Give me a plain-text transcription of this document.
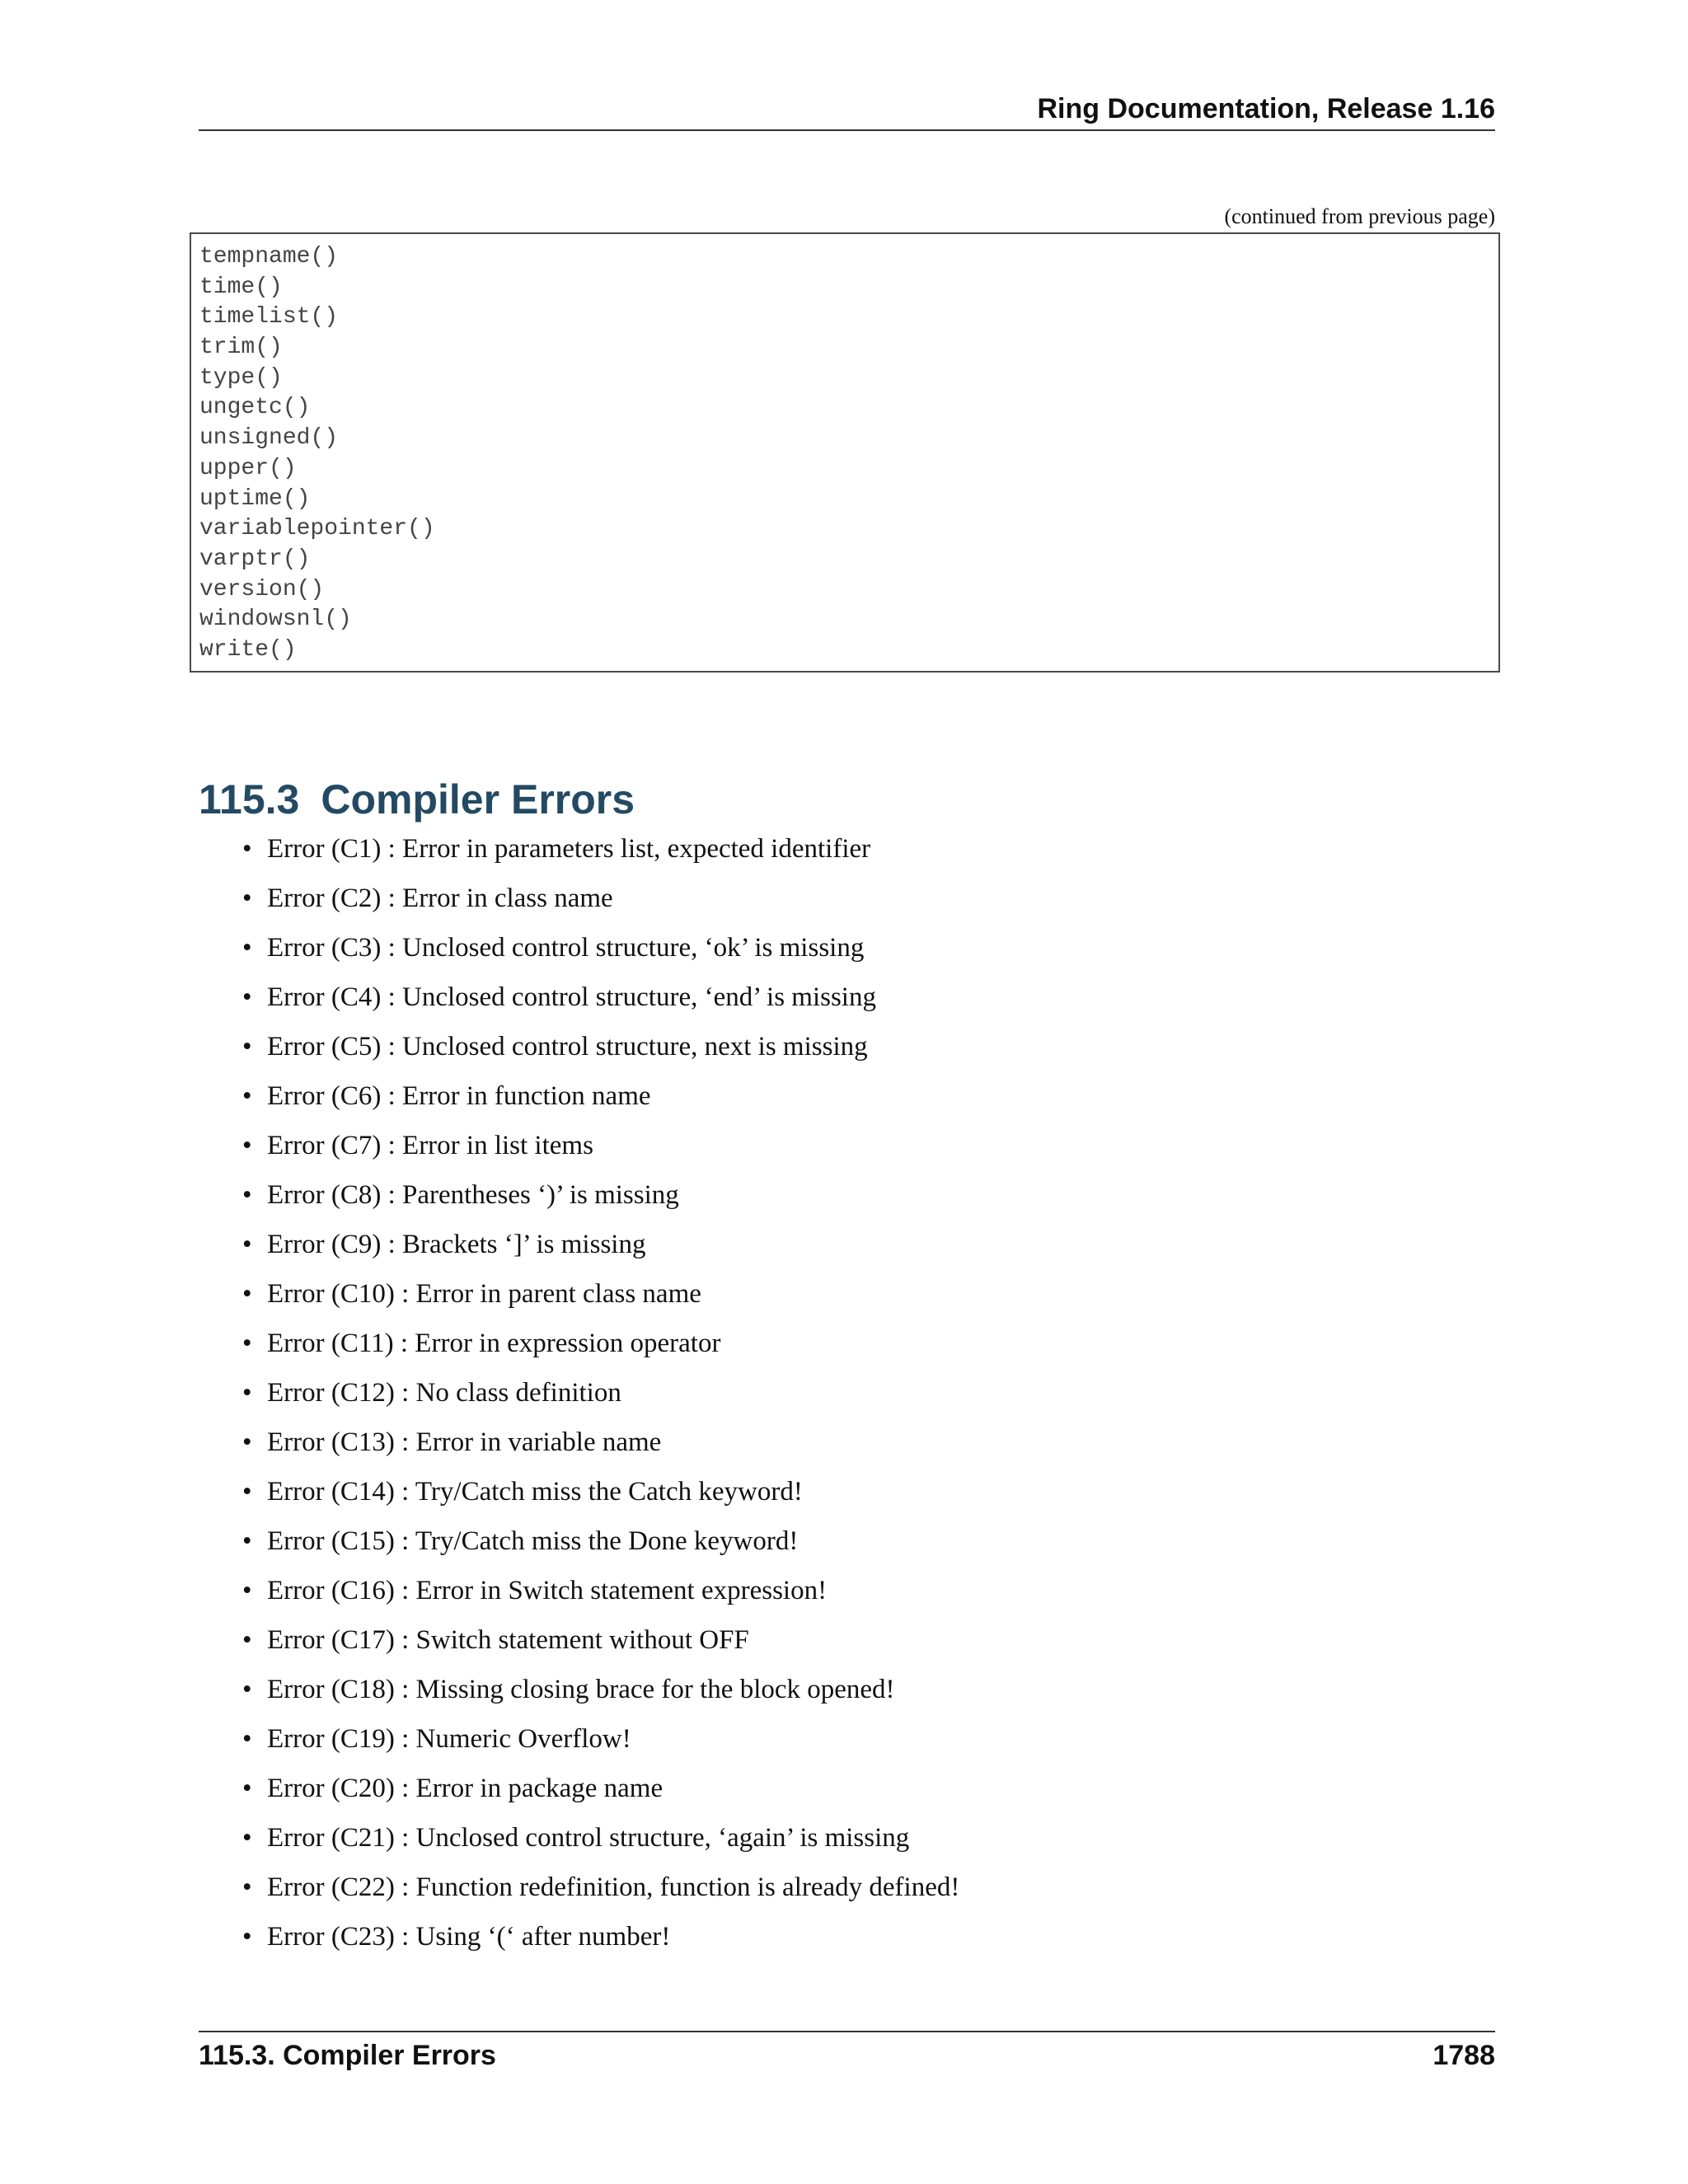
Ring Documentation, Release 1.16
(continued from previous page)
tempname()
time()
timelist()
trim()
type()
ungetc()
unsigned()
upper()
uptime()
variablepointer()
varptr()
version()
windowsnl()
write()
115.3 Compiler Errors
• Error (C1) : Error in parameters list, expected identifier
• Error (C2) : Error in class name
• Error (C3) : Unclosed control structure, ‘ok’ is missing
• Error (C4) : Unclosed control structure, ‘end’ is missing
• Error (C5) : Unclosed control structure, next is missing
• Error (C6) : Error in function name
• Error (C7) : Error in list items
• Error (C8) : Parentheses ‘)’ is missing
• Error (C9) : Brackets ‘]’ is missing
• Error (C10) : Error in parent class name
• Error (C11) : Error in expression operator
• Error (C12) : No class definition
• Error (C13) : Error in variable name
• Error (C14) : Try/Catch miss the Catch keyword!
• Error (C15) : Try/Catch miss the Done keyword!
• Error (C16) : Error in Switch statement expression!
• Error (C17) : Switch statement without OFF
• Error (C18) : Missing closing brace for the block opened!
• Error (C19) : Numeric Overflow!
• Error (C20) : Error in package name
• Error (C21) : Unclosed control structure, ‘again’ is missing
• Error (C22) : Function redefinition, function is already defined!
• Error (C23) : Using ‘(‘ after number!
115.3. Compiler Errors	1788
